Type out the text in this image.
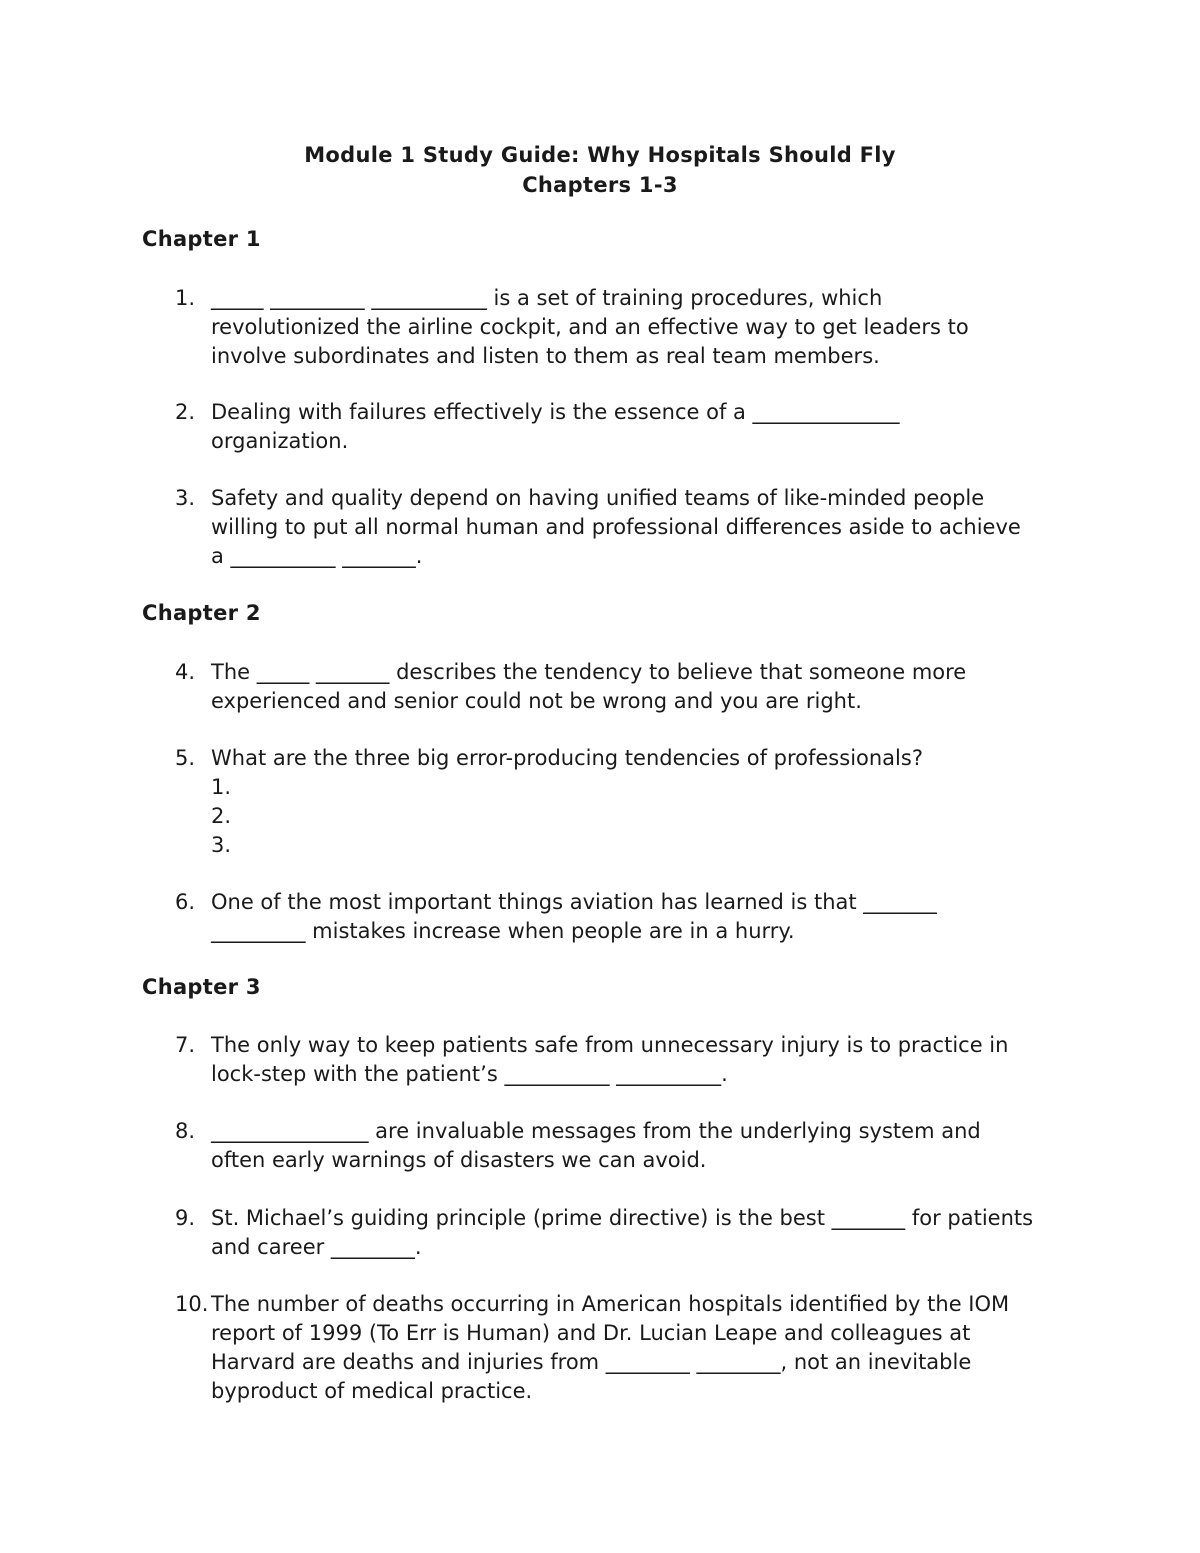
Module 1 Study Guide: Why Hospitals Should Fly
Chapters 1-3
Chapter 1
1. _____ _________ ___________ is a set of training procedures, which
revolutionized the airline cockpit, and an effective way to get leaders to
involve subordinates and listen to them as real team members.
2. Dealing with failures effectively is the essence of a ______________
organization.
3. Safety and quality depend on having unified teams of like-minded people
willing to put all normal human and professional differences aside to achieve
a __________ _______.
Chapter 2
4. The _____ _______ describes the tendency to believe that someone more
experienced and senior could not be wrong and you are right.
5. What are the three big error-producing tendencies of professionals?
1.
2.
3.
6. One of the most important things aviation has learned is that _______
_________ mistakes increase when people are in a hurry.
Chapter 3
7. The only way to keep patients safe from unnecessary injury is to practice in
lock-step with the patient’s __________ __________.
8. _______________ are invaluable messages from the underlying system and
often early warnings of disasters we can avoid.
9. St. Michael’s guiding principle (prime directive) is the best _______ for patients
and career ________.
10. The number of deaths occurring in American hospitals identified by the IOM
report of 1999 (To Err is Human) and Dr. Lucian Leape and colleagues at
Harvard are deaths and injuries from ________ ________, not an inevitable
byproduct of medical practice.
